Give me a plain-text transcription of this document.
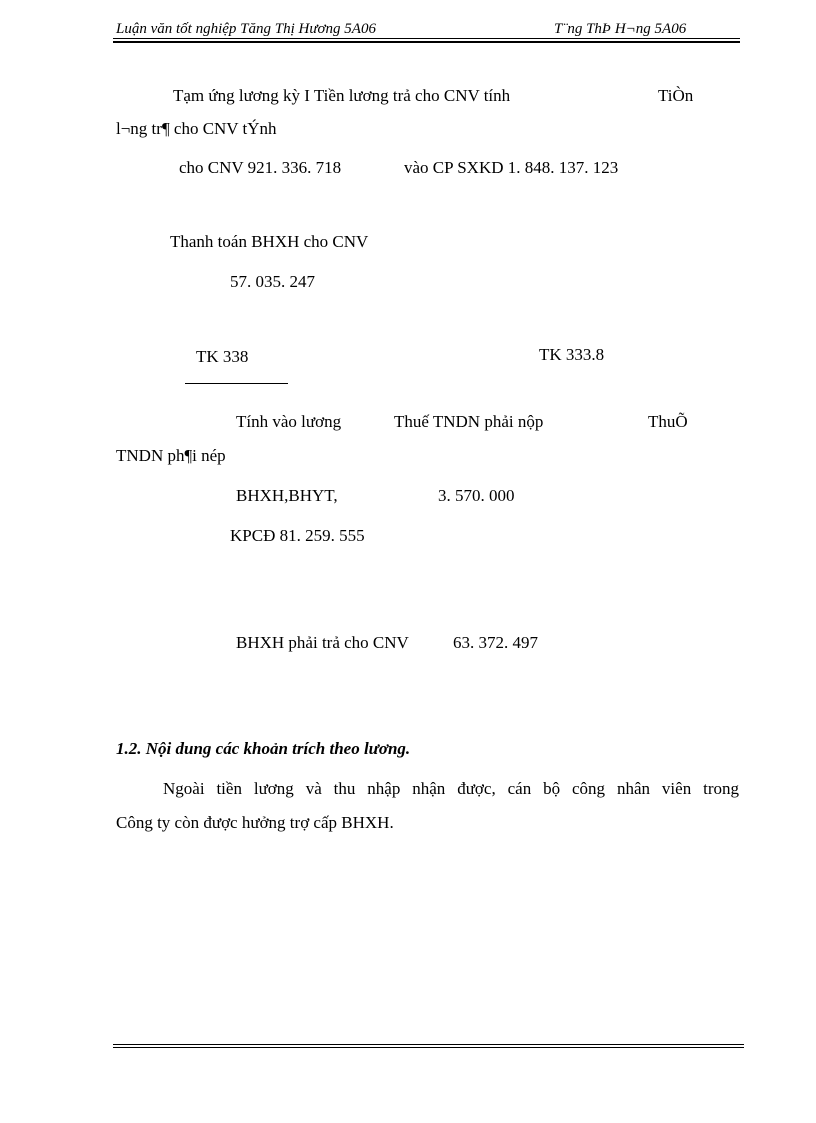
Luận văn tốt nghiệp Tăng Thị Hương 5A06	T¨ng ThÞ H¬ng 5A06
Tạm ứng lương kỳ I Tiền lương trả cho CNV tính	TiÒn
l¬ng tr¶ cho CNV tÝnh
cho CNV 921. 336. 718	vào CP SXKD 1. 848. 137. 123
Thanh toán BHXH cho CNV
57. 035. 247
TK 338	TK 333.8
Tính vào lương	Thuế TNDN phải nộp	ThuÕ
TNDN ph¶i nép
BHXH,BHYT,	3. 570. 000
KPCĐ 81. 259. 555
BHXH phải trả cho CNV	63. 372. 497
1.2. Nội dung các khoản trích theo lương.
Ngoài tiền lương và thu nhập nhận được, cán bộ công nhân viên trong
Công ty còn được hưởng trợ cấp BHXH.
